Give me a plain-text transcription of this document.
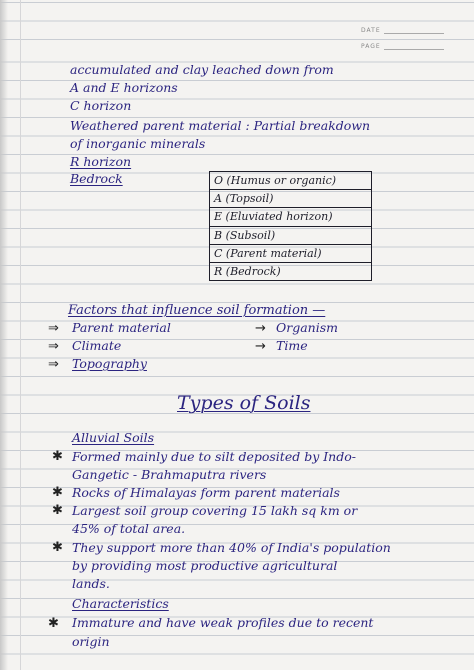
DATE
PAGE
accumulated and clay leached down from
A and E horizons
C horizon
Weathered parent material : Partial breakdown
of inorganic minerals
R horizon
Bedrock	O (Humus or organic)
A (Topsoil)
E (Eluviated horizon)
B (Subsoil)
C (Parent material)
R (Bedrock)
Factors that influence soil formation —
⇒ Parent material	→ Organism
⇒ Climate	→ Time
⇒ Topography
Types of Soils
Alluvial Soils
✱ Formed mainly due to silt deposited by Indo-
Gangetic - Brahmaputra rivers
✱ Rocks of Himalayas form parent materials
✱ Largest soil group covering 15 lakh sq km or
45% of total area.
✱ They support more than 40% of India's population
by providing most productive agricultural
lands.
Characteristics
✱ Immature and have weak profiles due to recent
origin
